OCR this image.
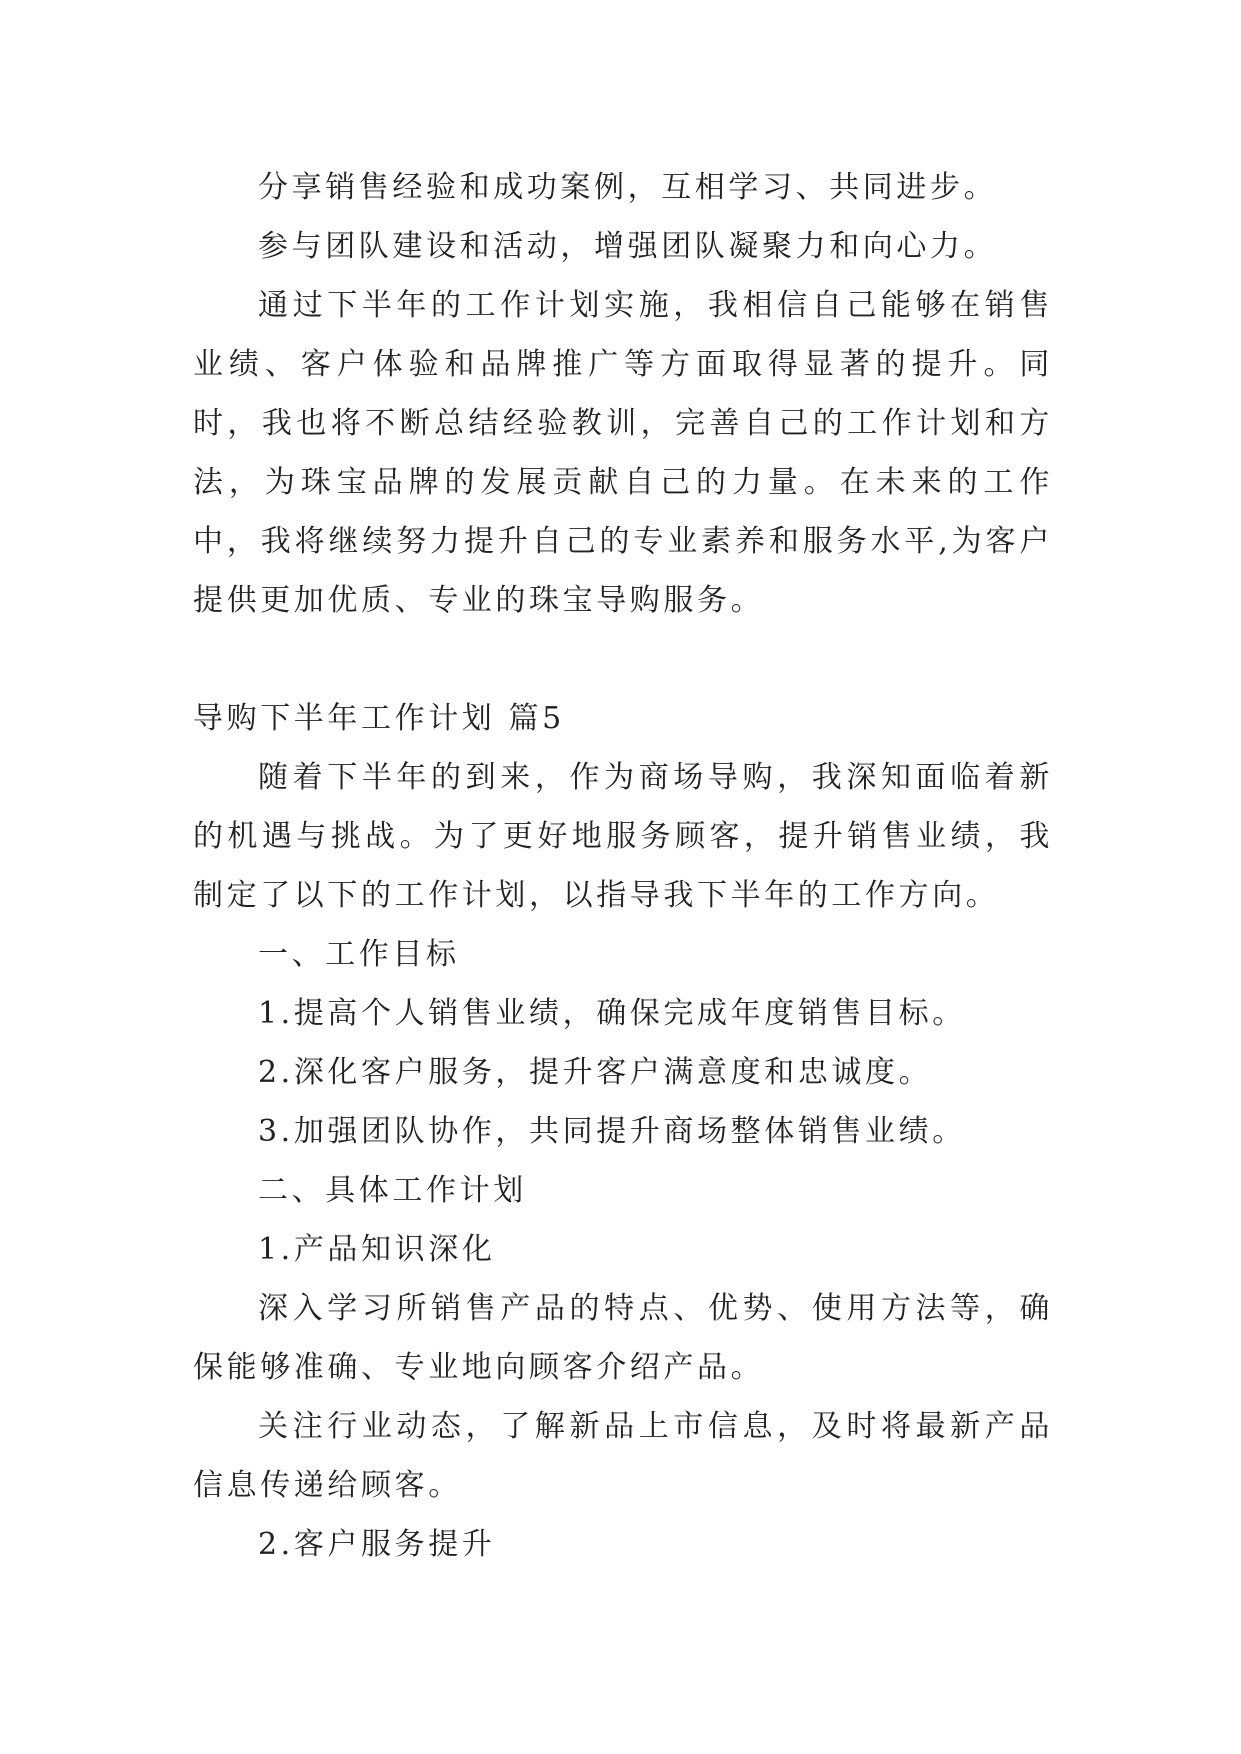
分享销售经验和成功案例，互相学习、共同进步。

参与团队建设和活动，增强团队凝聚力和向心力。

通过下半年的工作计划实施，我相信自己能够在销售业绩、客户体验和品牌推广等方面取得显著的提升。同时，我也将不断总结经验教训，完善自己的工作计划和方法，为珠宝品牌的发展贡献自己的力量。在未来的工作中，我将继续努力提升自己的专业素养和服务水平,为客户提供更加优质、专业的珠宝导购服务。

导购下半年工作计划 篇5

随着下半年的到来，作为商场导购，我深知面临着新的机遇与挑战。为了更好地服务顾客，提升销售业绩，我制定了以下的工作计划，以指导我下半年的工作方向。

一、工作目标

1.提高个人销售业绩，确保完成年度销售目标。

2.深化客户服务，提升客户满意度和忠诚度。

3.加强团队协作，共同提升商场整体销售业绩。

二、具体工作计划

1.产品知识深化

深入学习所销售产品的特点、优势、使用方法等，确保能够准确、专业地向顾客介绍产品。

关注行业动态，了解新品上市信息，及时将最新产品信息传递给顾客。

2.客户服务提升
